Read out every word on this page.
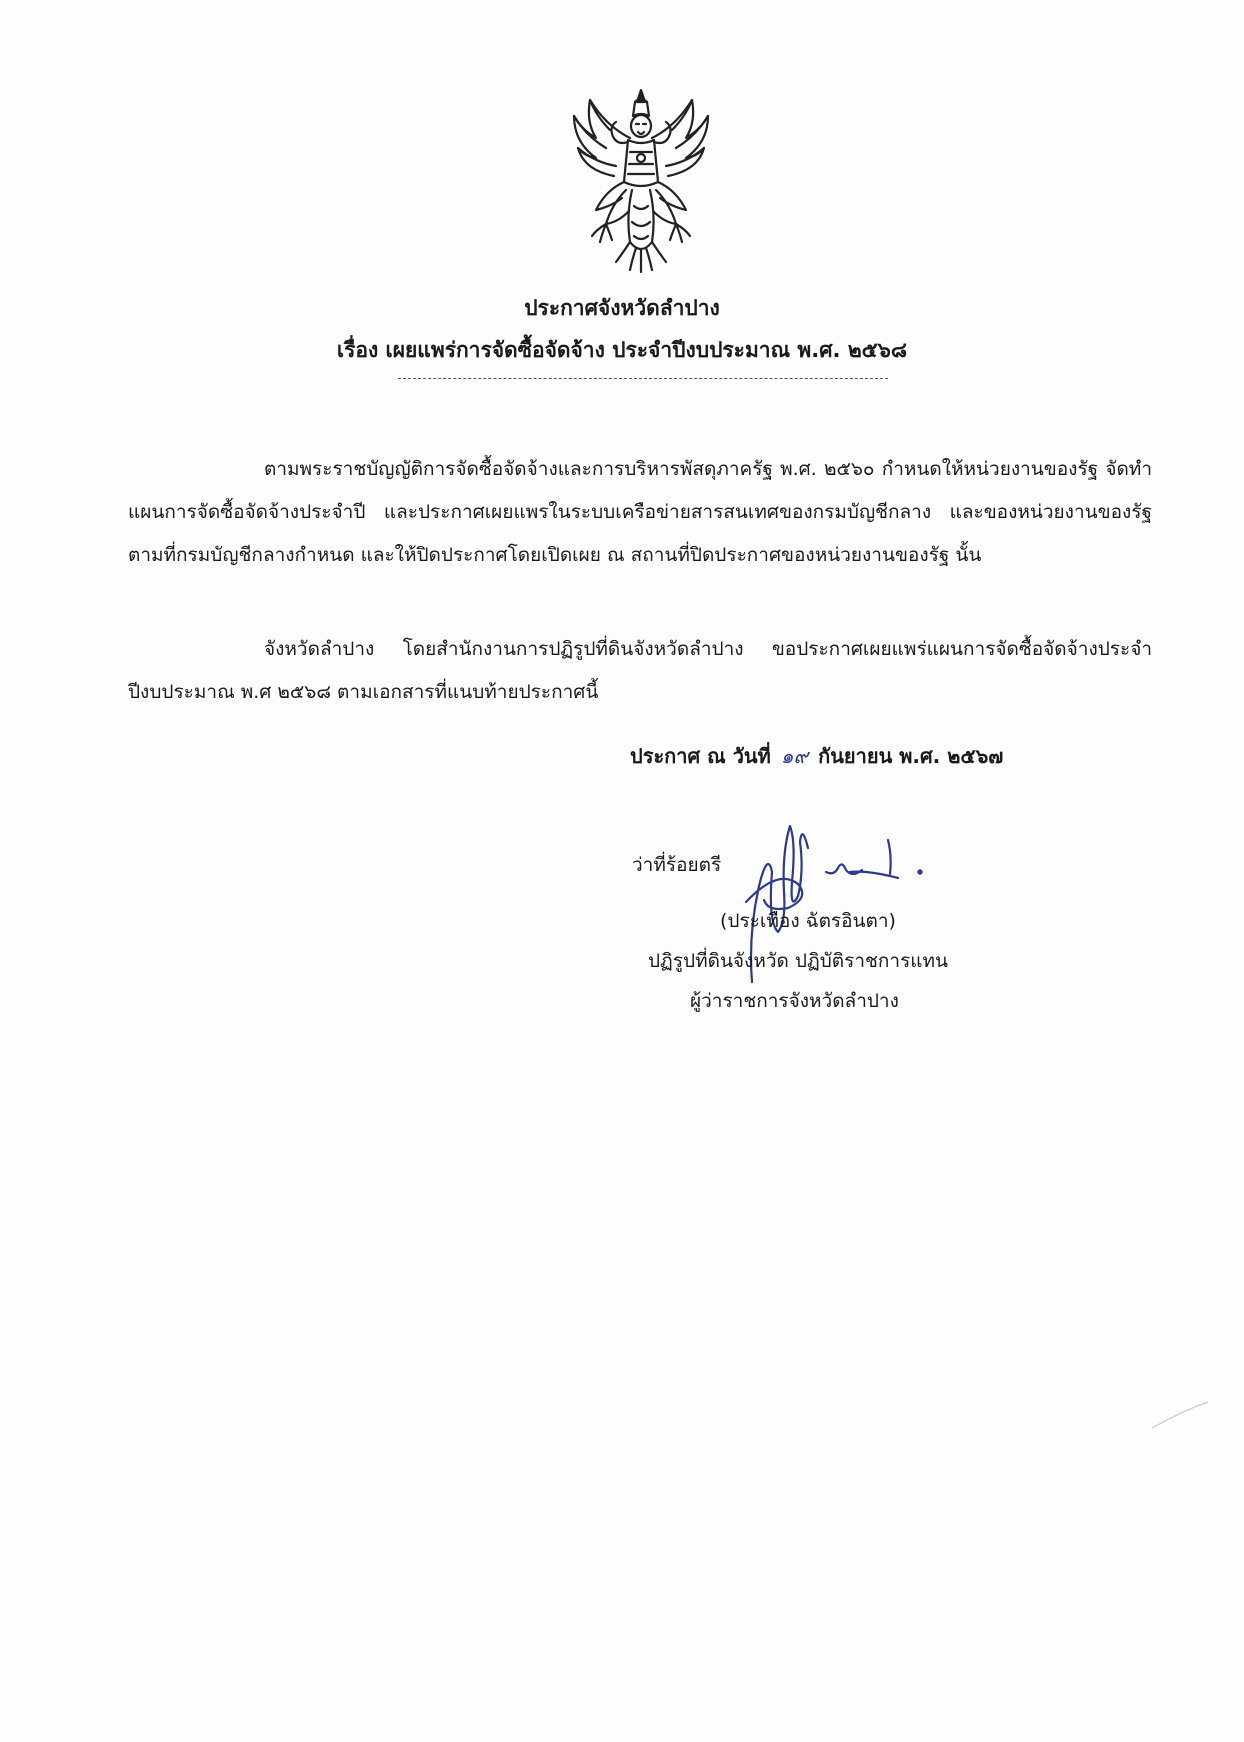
ประกาศจังหวัดลำปาง
เรื่อง เผยแพร่การจัดซื้อจัดจ้าง ประจำปีงบประมาณ พ.ศ. ๒๕๖๘
ตามพระราชบัญญัติการจัดซื้อจัดจ้างและการบริหารพัสดุภาครัฐ พ.ศ. ๒๕๖๐ กำหนดให้หน่วยงานของรัฐ จัดทำแผนการจัดซื้อจัดจ้างประจำปี และประกาศเผยแพรในระบบเครือข่ายสารสนเทศของกรมบัญชีกลาง และของหน่วยงานของรัฐตามที่กรมบัญชีกลางกำหนด และให้ปิดประกาศโดยเปิดเผย ณ สถานที่ปิดประกาศของหน่วยงานของรัฐ นั้น
จังหวัดลำปาง โดยสำนักงานการปฏิรูปที่ดินจังหวัดลำปาง ขอประกาศเผยแพร่แผนการจัดซื้อจัดจ้างประจำปีงบประมาณ พ.ศ ๒๕๖๘ ตามเอกสารที่แนบท้ายประกาศนี้
ประกาศ ณ วันที่ ๑๙ กันยายน พ.ศ. ๒๕๖๗
ว่าที่ร้อยตรี
(ประเทือง ฉัตรอินตา)
ปฏิรูปที่ดินจังหวัด ปฏิบัติราชการแทน
ผู้ว่าราชการจังหวัดลำปาง
